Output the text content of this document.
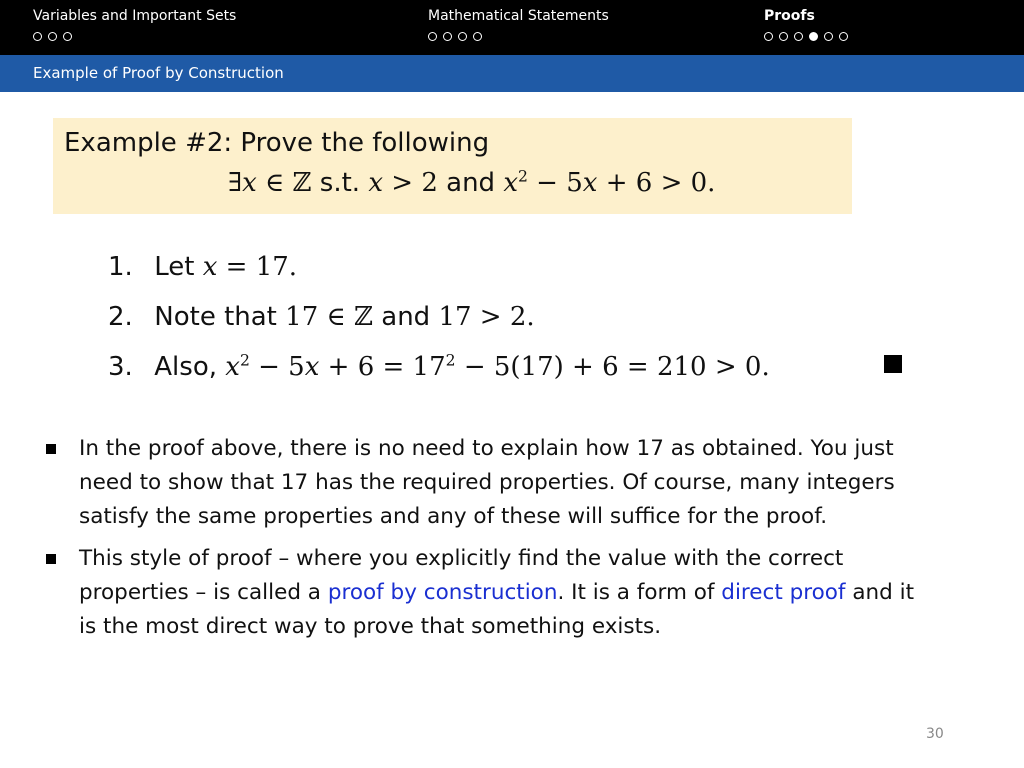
Variables and Important Sets	Mathematical Statements	Proofs
Example of Proof by Construction
Example #2: Prove the following
∃𝑥 ∈ ℤ s.t. 𝑥 > 2 and 𝑥$^2$ − 5𝑥 + 6 > 0.
1. Let 𝑥 = 17.
2. Note that 17 ∈ ℤ and 17 > 2.
3. Also, 𝑥$^2$ − 5𝑥 + $6 = 17^2 - 5(17) + 6 = 210 > 0$.
In the proof above, there is no need to explain how 17 as obtained. You just need to show that 17 has the required properties. Of course, many integers satisfy the same properties and any of these will suffice for the proof.
This style of proof – where you explicitly find the value with the correct properties – is called a proof by construction. It is a form of direct proof and it is the most direct way to prove that something exists.
30
